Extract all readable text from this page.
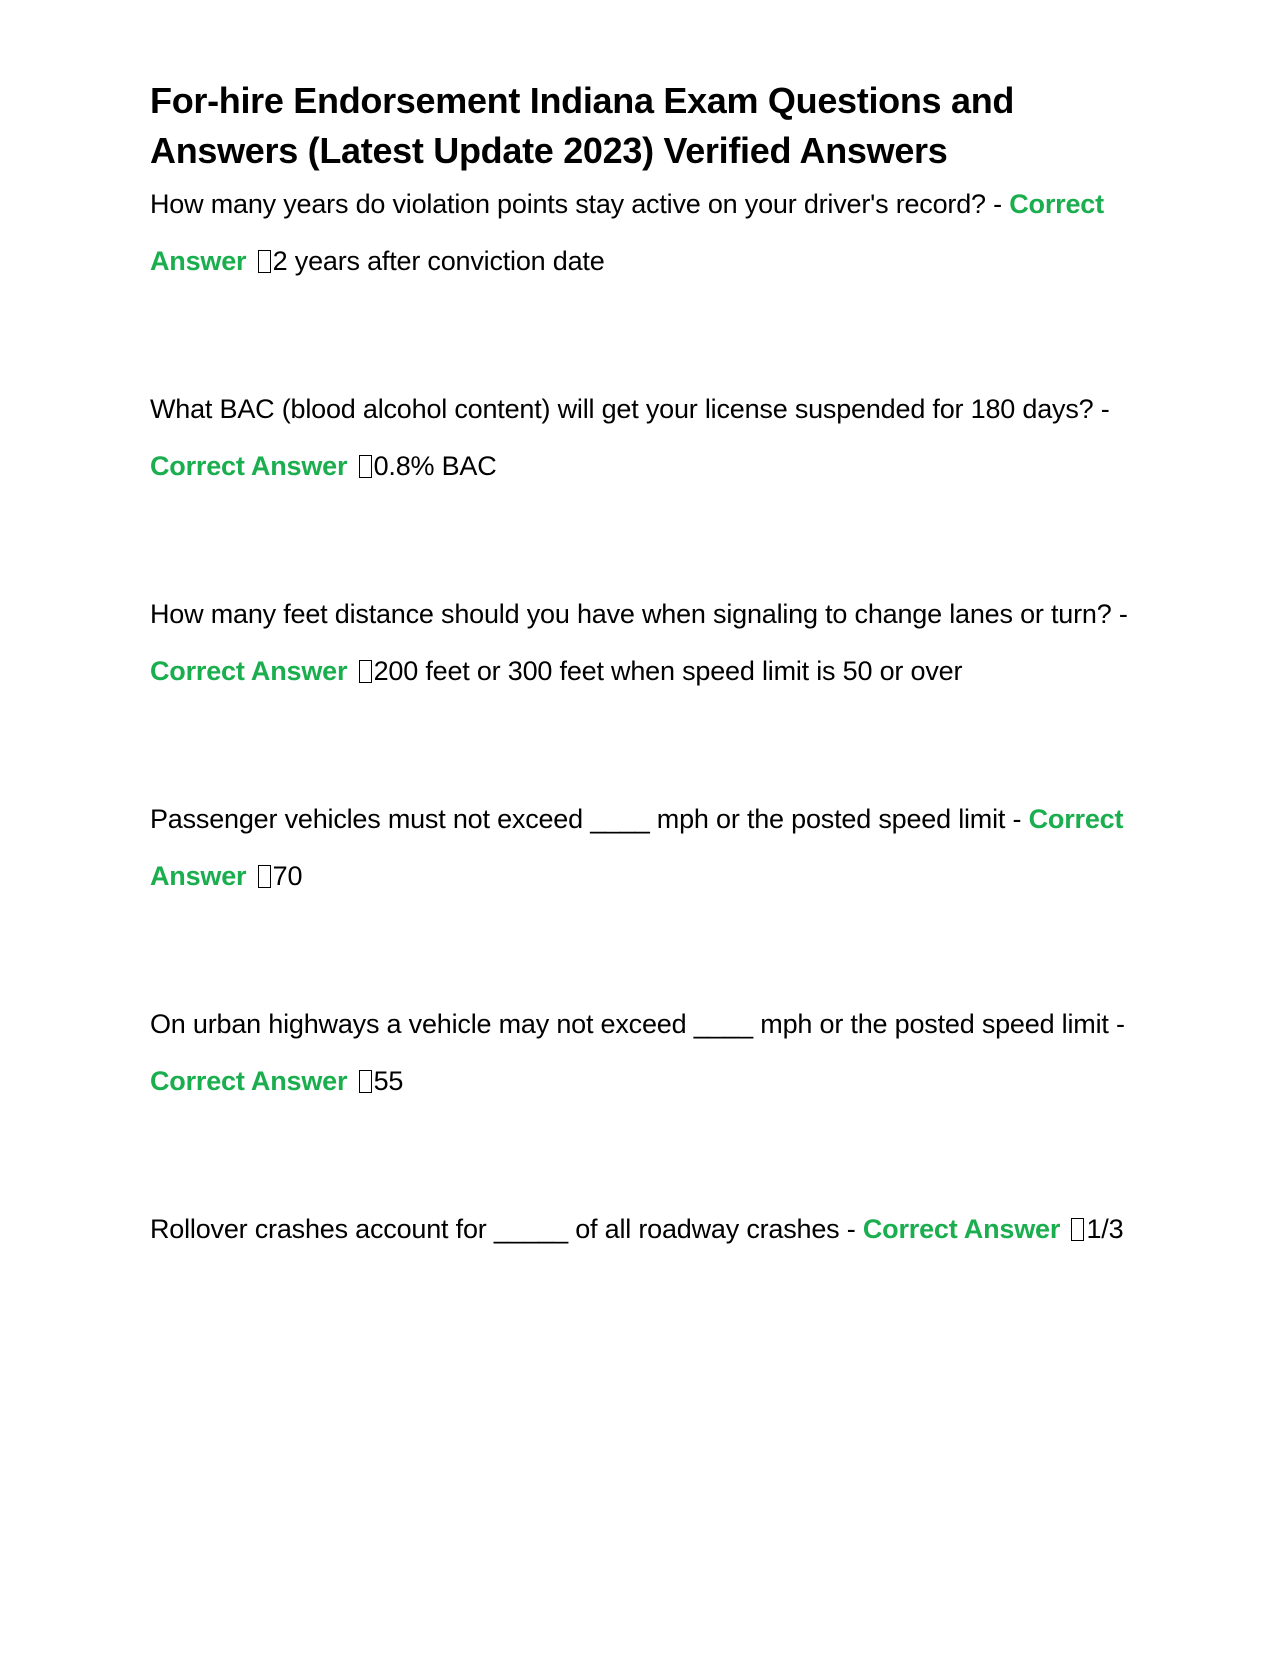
For-hire Endorsement Indiana Exam Questions and Answers (Latest Update 2023) Verified Answers

How many years do violation points stay active on your driver's record? - Correct Answer 2 years after conviction date

What BAC (blood alcohol content) will get your license suspended for 180 days? - Correct Answer 0.8% BAC

How many feet distance should you have when signaling to change lanes or turn? - Correct Answer 200 feet or 300 feet when speed limit is 50 or over

Passenger vehicles must not exceed ____ mph or the posted speed limit - Correct Answer 70

On urban highways a vehicle may not exceed ____ mph or the posted speed limit - Correct Answer 55

Rollover crashes account for _____ of all roadway crashes - Correct Answer 1/3
